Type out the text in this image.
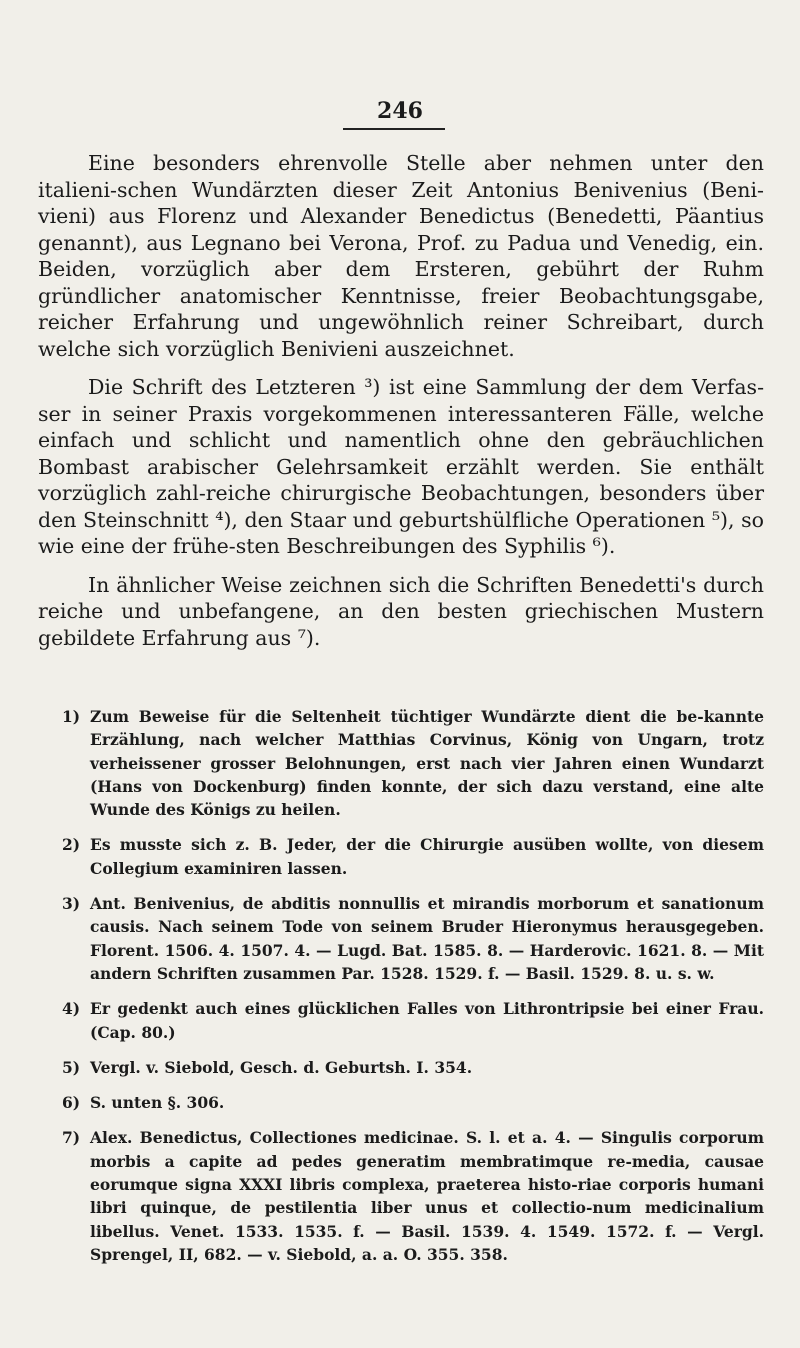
246

Eine besonders ehrenvolle Stelle aber nehmen unter den italieni-schen Wundärzten dieser Zeit Antonius Benivenius (Beni-vieni) aus Florenz und Alexander Benedictus (Benedetti, Päantius genannt), aus Legnano bei Verona, Prof. zu Padua und Venedig, ein. Beiden, vorzüglich aber dem Ersteren, gebührt der Ruhm gründlicher anatomischer Kenntnisse, freier Beobachtungsgabe, reicher Erfahrung und ungewöhnlich reiner Schreibart, durch welche sich vorzüglich Benivieni auszeichnet.

Die Schrift des Letzteren ³) ist eine Sammlung der dem Verfas-ser in seiner Praxis vorgekommenen interessanteren Fälle, welche einfach und schlicht und namentlich ohne den gebräuchlichen Bombast arabischer Gelehrsamkeit erzählt werden. Sie enthält vorzüglich zahl-reiche chirurgische Beobachtungen, besonders über den Steinschnitt ⁴), den Staar und geburtshülfliche Operationen ⁵), so wie eine der frühe-sten Beschreibungen des Syphilis ⁶).

In ähnlicher Weise zeichnen sich die Schriften Benedetti's durch reiche und unbefangene, an den besten griechischen Mustern gebildete Erfahrung aus ⁷).

1) Zum Beweise für die Seltenheit tüchtiger Wundärzte dient die be-kannte Erzählung, nach welcher Matthias Corvinus, König von Ungarn, trotz verheissener grosser Belohnungen, erst nach vier Jahren einen Wundarzt (Hans von Dockenburg) finden konnte, der sich dazu verstand, eine alte Wunde des Königs zu heilen.
2) Es musste sich z. B. Jeder, der die Chirurgie ausüben wollte, von diesem Collegium examiniren lassen.
3) Ant. Benivenius, de abditis nonnullis et mirandis morborum et sanationum causis. Nach seinem Tode von seinem Bruder Hieronymus herausgegeben. Florent. 1506. 4. 1507. 4. — Lugd. Bat. 1585. 8. — Harderovic. 1621. 8. — Mit andern Schriften zusammen Par. 1528. 1529. f. — Basil. 1529. 8. u. s. w.
4) Er gedenkt auch eines glücklichen Falles von Lithrontripsie bei einer Frau. (Cap. 80.)
5) Vergl. v. Siebold, Gesch. d. Geburtsh. I. 354.
6) S. unten §. 306.
7) Alex. Benedictus, Collectiones medicinae. S. l. et a. 4. — Singulis corporum morbis a capite ad pedes generatim membratimque re-media, causae eorumque signa XXXI libris complexa, praeterea histo-riae corporis humani libri quinque, de pestilentia liber unus et collectio-num medicinalium libellus. Venet. 1533. 1535. f. — Basil. 1539. 4. 1549. 1572. f. — Vergl. Sprengel, II, 682. — v. Siebold, a. a. O. 355. 358.
